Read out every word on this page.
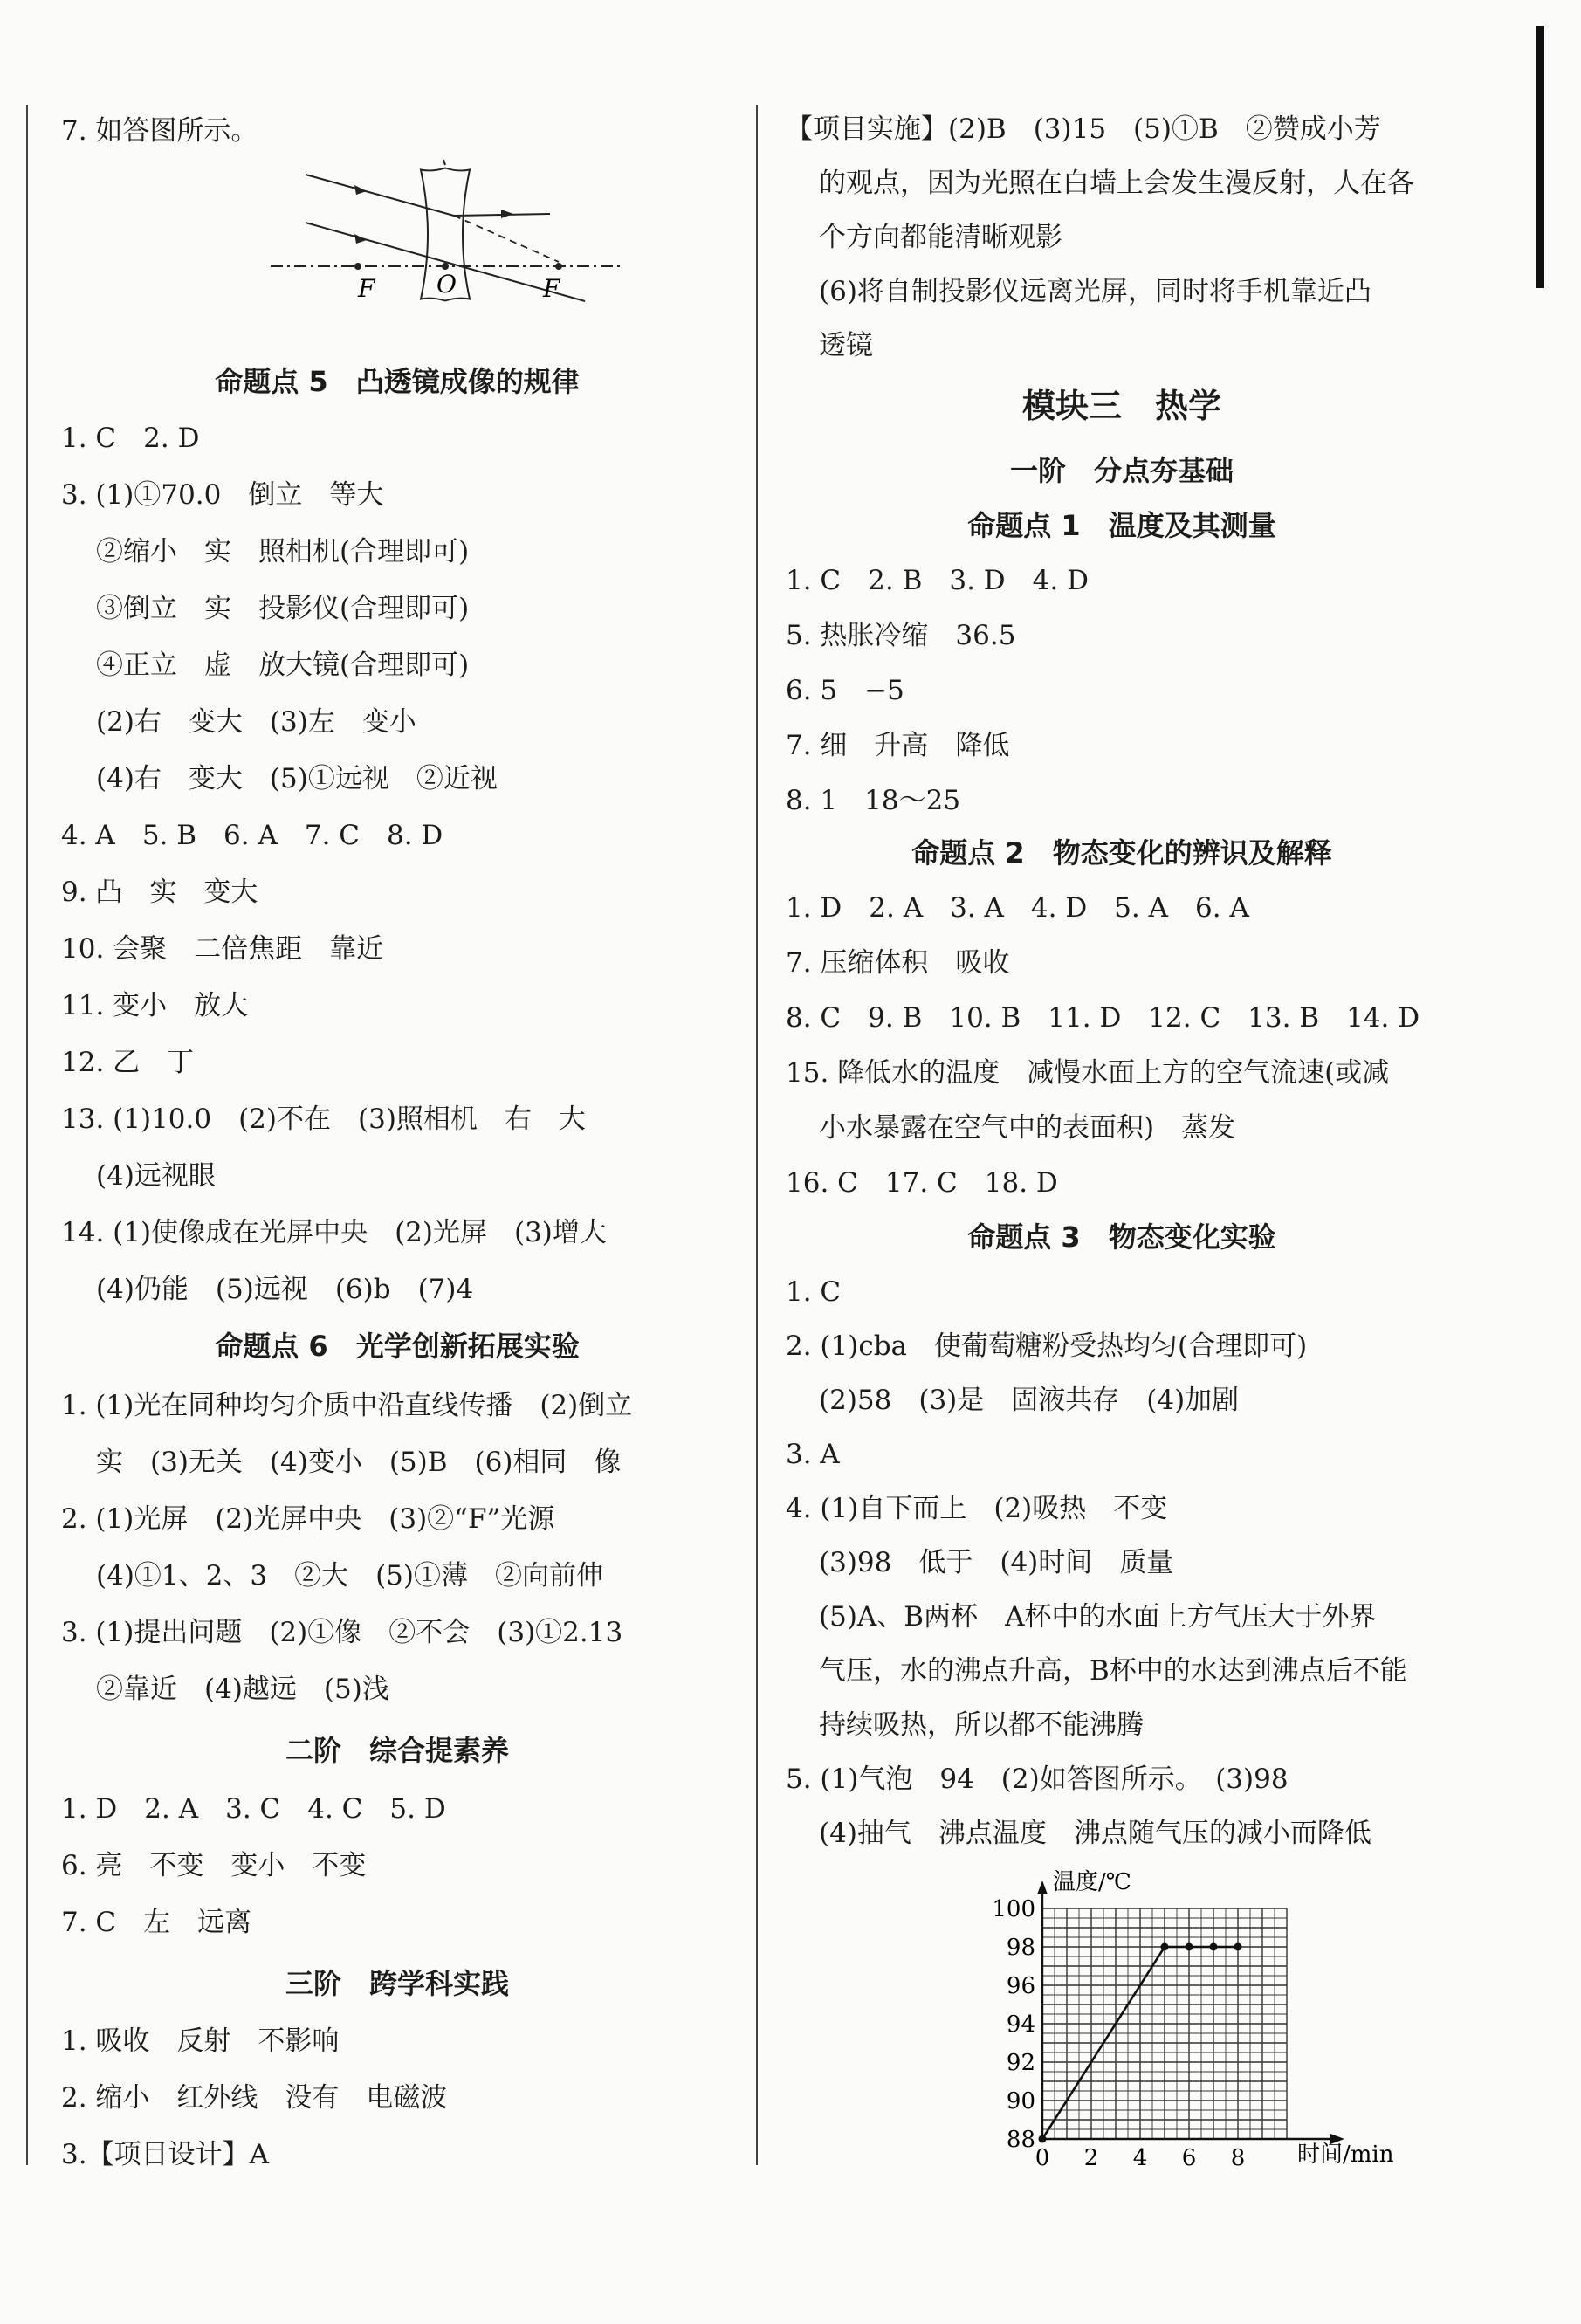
7. 如答图所示。
F	O	F
命题点 5　凸透镜成像的规律
1. C　2. D
3. (1)①70.0　倒立　等大
②缩小　实　照相机(合理即可)
③倒立　实　投影仪(合理即可)
④正立　虚　放大镜(合理即可)
(2)右　变大　(3)左　变小
(4)右　变大　(5)①远视　②近视
4. A　5. B　6. A　7. C　8. D
9. 凸　实　变大
10. 会聚　二倍焦距　靠近
11. 变小　放大
12. 乙　丁
13. (1)10.0　(2)不在　(3)照相机　右　大
(4)远视眼
14. (1)使像成在光屏中央　(2)光屏　(3)增大
(4)仍能　(5)远视　(6)b　(7)4
命题点 6　光学创新拓展实验
1. (1)光在同种均匀介质中沿直线传播　(2)倒立
实　(3)无关　(4)变小　(5)B　(6)相同　像
2. (1)光屏　(2)光屏中央　(3)②“F”光源
(4)①1、2、3　②大　(5)①薄　②向前伸
3. (1)提出问题　(2)①像　②不会　(3)①2.13
②靠近　(4)越远　(5)浅
二阶　综合提素养
1. D　2. A　3. C　4. C　5. D
6. 亮　不变　变小　不变
7. C　左　远离
三阶　跨学科实践
1. 吸收　反射　不影响
2. 缩小　红外线　没有　电磁波
3.【项目设计】A
【项目实施】(2)B　(3)15　(5)①B　②赞成小芳
的观点，因为光照在白墙上会发生漫反射，人在各
个方向都能清晰观影
(6)将自制投影仪远离光屏，同时将手机靠近凸
透镜
模块三　热学
一阶　分点夯基础
命题点 1　温度及其测量
1. C　2. B　3. D　4. D
5. 热胀冷缩　36.5
6. 5　−5
7. 细　升高　降低
8. 1　18～25
命题点 2　物态变化的辨识及解释
1. D　2. A　3. A　4. D　5. A　6. A
7. 压缩体积　吸收
8. C　9. B　10. B　11. D　12. C　13. B　14. D
15. 降低水的温度　减慢水面上方的空气流速(或减
小水暴露在空气中的表面积)　蒸发
16. C　17. C　18. D
命题点 3　物态变化实验
1. C
2. (1)cba　使葡萄糖粉受热均匀(合理即可)
(2)58　(3)是　固液共存　(4)加剧
3. A
4. (1)自下而上　(2)吸热　不变
(3)98　低于　(4)时间　质量
(5)A、B两杯　A杯中的水面上方气压大于外界
气压，水的沸点升高，B杯中的水达到沸点后不能
持续吸热，所以都不能沸腾
5. (1)气泡　94　(2)如答图所示。　(3)98
(4)抽气　沸点温度　沸点随气压的减小而降低
88
90
92
94
96
98
100
0 2 4 6 8
温度/℃
时间/min
